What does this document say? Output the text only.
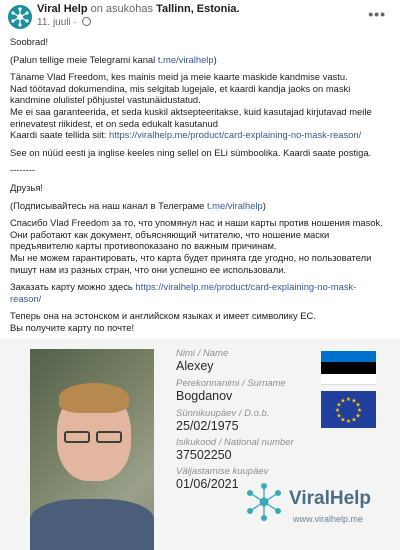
Viral Help on asukohas Tallinn, Estonia.
11. juuli ·
•••

Soobrad!

(Palun tellige meie Telegrami kanal t.me/viralhelp)

Täname Vlad Freedom, kes mainis meid ja meie kaarte maskide kandmise vastu.

Nad töötavad dokumendina, mis selgitab lugejale, et kaardi kandja jaoks on maski

kandmine olulistel põhjustel vastunäidustatud.

Me ei saa garanteerida, et seda kuskil aktsepteeritakse, kuid kasutajad kirjutavad meile

erinevatest riikidest, et on seda edukalt kasutanud

Kaardi saate tellida siit: https://viralhelp.me/product/card-explaining-no-mask-reason/

See on nüüd eesti ja inglise keeles ning sellel on ELi sümboolika. Kaardi saate postiga.

--------

Друзья!

(Подписывайтесь на наш канал в Телеграме t.me/viralhelp)

Спасибо Vlad Freedom за то, что упомянул нас и наши карты против ношения masok.

Они работают как документ, объясняющий читателю, что ношение маски

предъявителю карты противопоказано по важным причинам.

Мы не можем гарантировать, что карта будет принята где угодно, но пользователи

пишут нам из разных стран, что они успешно ее использовали.

Заказать карту можно здесь https://viralhelp.me/product/card-explaining-no-mask-

reason/

Теперь она на эстонском и английском языках и имеет символику ЕС.

Вы получите карту по почте!

Nimi / Name
Alexey
Perekonnanimi / Surname
Bogdanov
Sünnikuupäev / D.o.b.
25/02/1975
Isikukood / National number
37502250
Väljastamise kuupäev
01/06/2021
★ ★
★
★
★
★
★
★
★
★
★
★
ViralHelp
www.viralhelp.me
